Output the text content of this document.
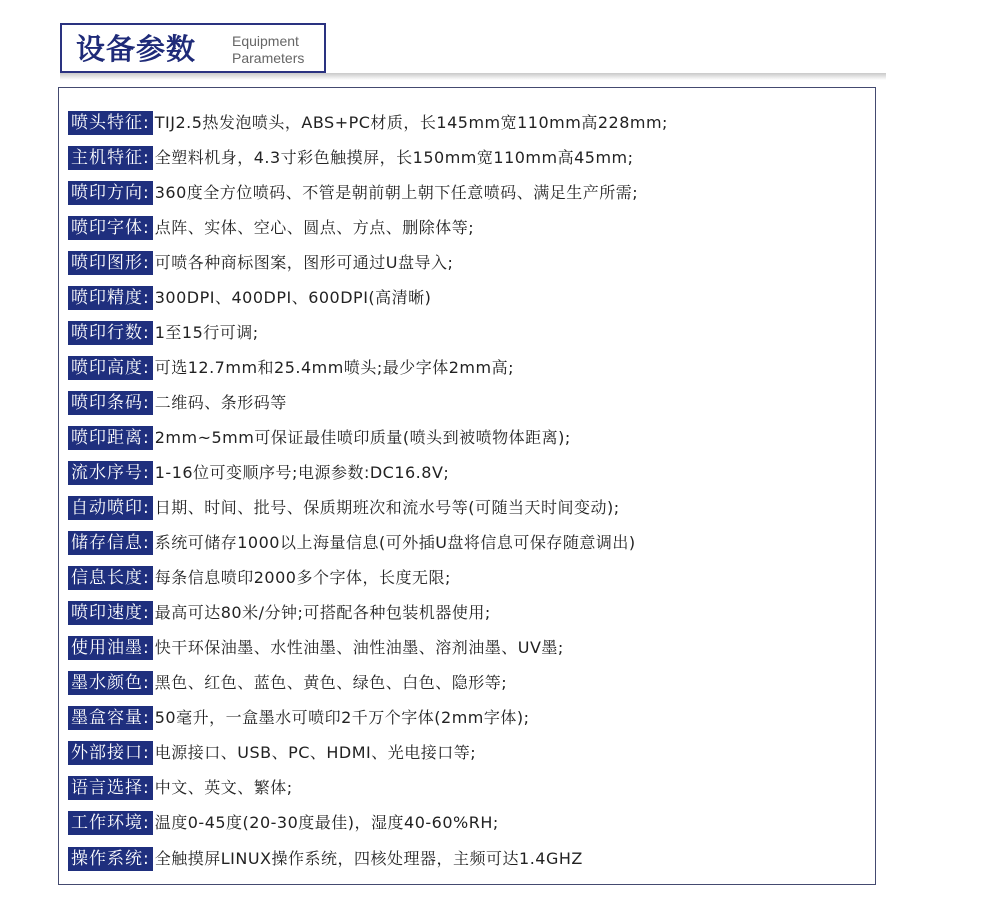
设备参数	Equipment
Parameters
喷头特征: TIJ2.5热发泡喷头，ABS+PC材质，长145mm宽110mm高228mm;
主机特征: 全塑料机身，4.3寸彩色触摸屏，长150mm宽110mm高45mm;
喷印方向: 360度全方位喷码、不管是朝前朝上朝下任意喷码、满足生产所需;
喷印字体: 点阵、实体、空心、圆点、方点、删除体等;
喷印图形: 可喷各种商标图案，图形可通过U盘导入;
喷印精度: 300DPI、400DPI、600DPI(高清晰)
喷印行数: 1至15行可调;
喷印高度: 可选12.7mm和25.4mm喷头;最少字体2mm高;
喷印条码: 二维码、条形码等
喷印距离: 2mm~5mm可保证最佳喷印质量(喷头到被喷物体距离);
流水序号: 1-16位可变顺序号;电源参数:DC16.8V;
自动喷印: 日期、时间、批号、保质期班次和流水号等(可随当天时间变动);
储存信息: 系统可储存1000以上海量信息(可外插U盘将信息可保存随意调出)
信息长度: 每条信息喷印2000多个字体，长度无限;
喷印速度: 最高可达80米/分钟;可搭配各种包装机器使用;
使用油墨: 快干环保油墨、水性油墨、油性油墨、溶剂油墨、UV墨;
墨水颜色: 黑色、红色、蓝色、黄色、绿色、白色、隐形等;
墨盒容量: 50毫升，一盒墨水可喷印2千万个字体(2mm字体);
外部接口: 电源接口、USB、PC、HDMI、光电接口等;
语言选择: 中文、英文、繁体;
工作环境: 温度0-45度(20-30度最佳)，湿度40-60%RH;
操作系统: 全触摸屏LINUX操作系统，四核处理器，主频可达1.4GHZ
